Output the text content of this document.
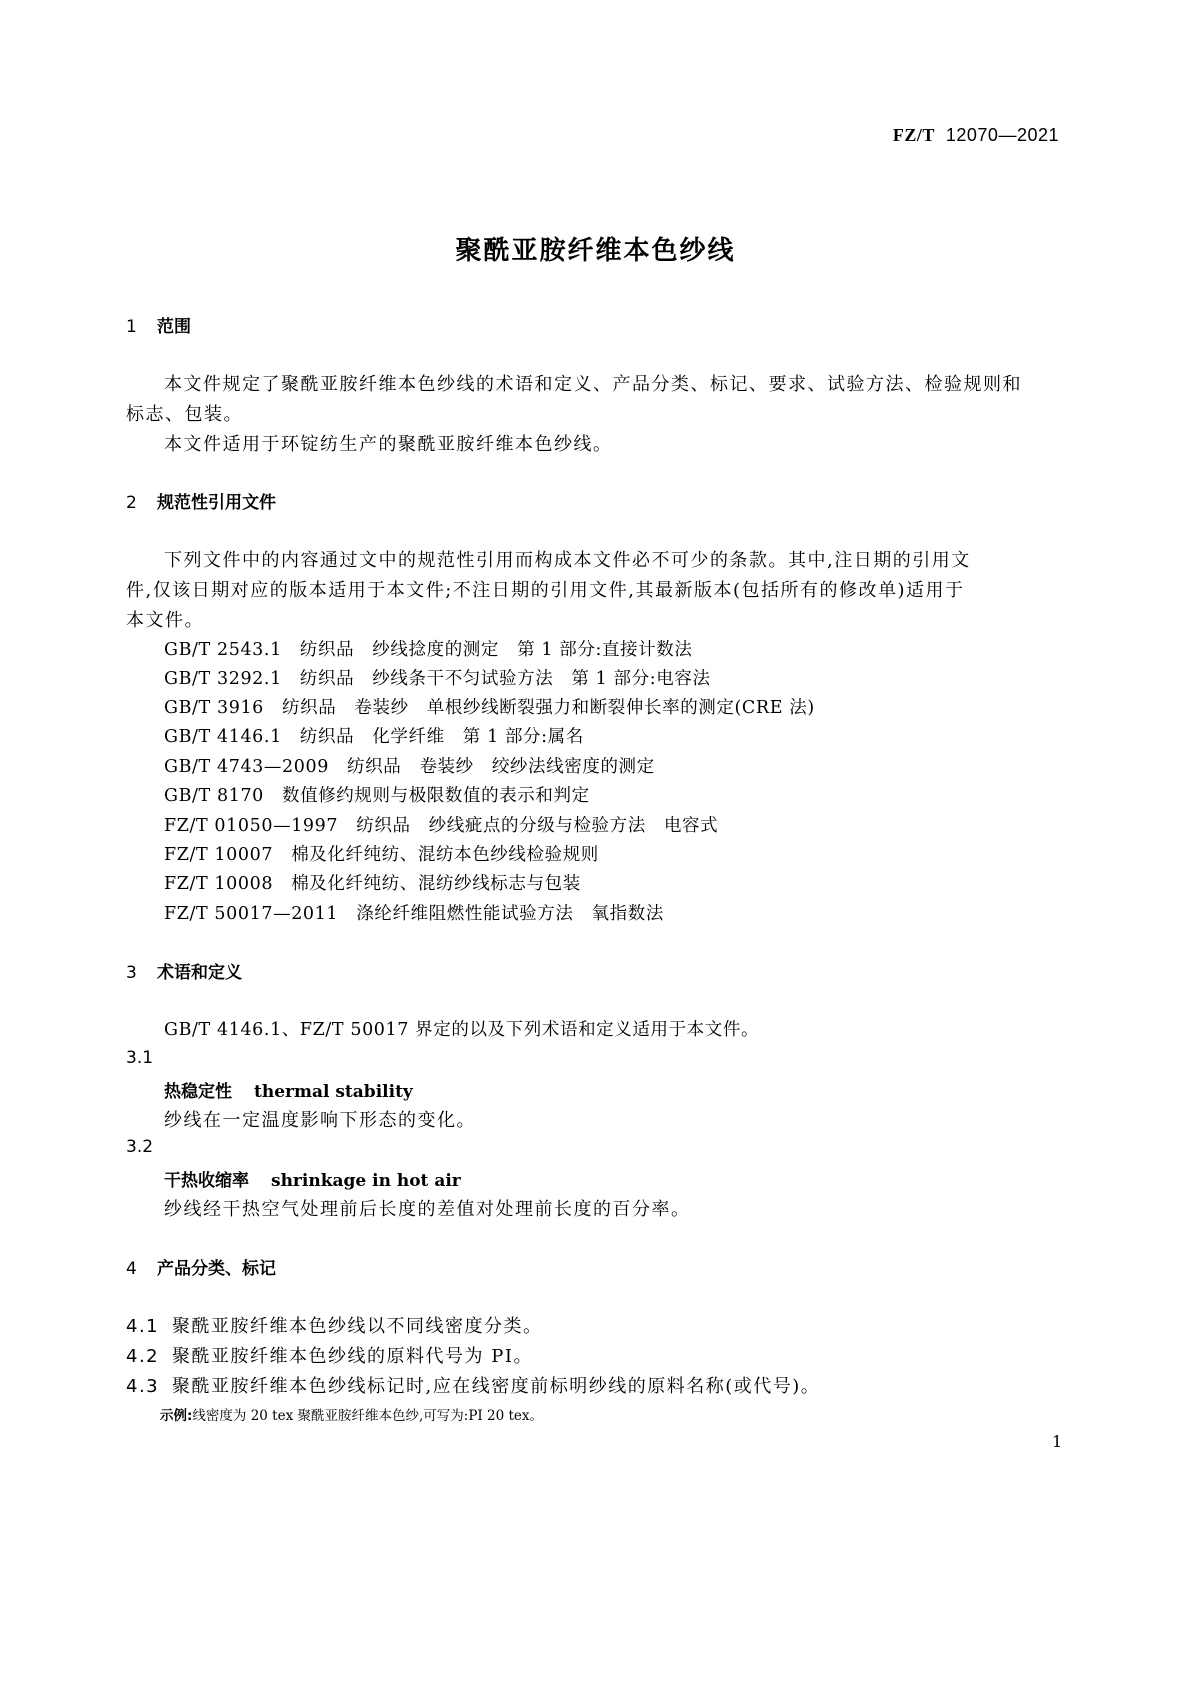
FZ/T 12070—2021
聚酰亚胺纤维本色纱线
1 范围
本文件规定了聚酰亚胺纤维本色纱线的术语和定义、产品分类、标记、要求、试验方法、检验规则和
标志、包装。
本文件适用于环锭纺生产的聚酰亚胺纤维本色纱线。
2 规范性引用文件
下列文件中的内容通过文中的规范性引用而构成本文件必不可少的条款。其中,注日期的引用文
件,仅该日期对应的版本适用于本文件;不注日期的引用文件,其最新版本(包括所有的修改单)适用于
本文件。
GB/T 2543.1　纺织品　纱线捻度的测定　第 1 部分:直接计数法
GB/T 3292.1　纺织品　纱线条干不匀试验方法　第 1 部分:电容法
GB/T 3916　纺织品　卷装纱　单根纱线断裂强力和断裂伸长率的测定(CRE 法)
GB/T 4146.1　纺织品　化学纤维　第 1 部分:属名
GB/T 4743—2009　纺织品　卷装纱　绞纱法线密度的测定
GB/T 8170　数值修约规则与极限数值的表示和判定
FZ/T 01050—1997　纺织品　纱线疵点的分级与检验方法　电容式
FZ/T 10007　棉及化纤纯纺、混纺本色纱线检验规则
FZ/T 10008　棉及化纤纯纺、混纺纱线标志与包装
FZ/T 50017—2011　涤纶纤维阻燃性能试验方法　氧指数法
3 术语和定义
GB/T 4146.1、FZ/T 50017 界定的以及下列术语和定义适用于本文件。
3.1
热稳定性 thermal stability
纱线在一定温度影响下形态的变化。
3.2
干热收缩率 shrinkage in hot air
纱线经干热空气处理前后长度的差值对处理前长度的百分率。
4 产品分类、标记
4.1 聚酰亚胺纤维本色纱线以不同线密度分类。
4.2 聚酰亚胺纤维本色纱线的原料代号为 PI。
4.3 聚酰亚胺纤维本色纱线标记时,应在线密度前标明纱线的原料名称(或代号)。
示例:线密度为 20 tex 聚酰亚胺纤维本色纱,可写为:PI 20 tex。
1
